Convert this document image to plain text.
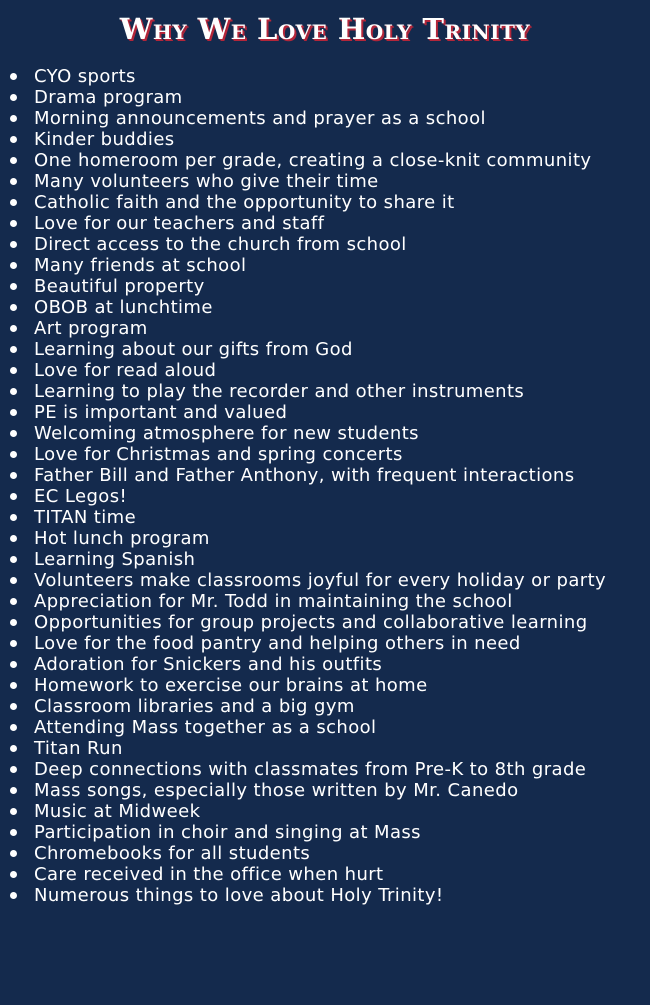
Why We Love Holy Trinity
CYO sports
Drama program
Morning announcements and prayer as a school
Kinder buddies
One homeroom per grade, creating a close-knit community
Many volunteers who give their time
Catholic faith and the opportunity to share it
Love for our teachers and staff
Direct access to the church from school
Many friends at school
Beautiful property
OBOB at lunchtime
Art program
Learning about our gifts from God
Love for read aloud
Learning to play the recorder and other instruments
PE is important and valued
Welcoming atmosphere for new students
Love for Christmas and spring concerts
Father Bill and Father Anthony, with frequent interactions
EC Legos!
TITAN time
Hot lunch program
Learning Spanish
Volunteers make classrooms joyful for every holiday or party
Appreciation for Mr. Todd in maintaining the school
Opportunities for group projects and collaborative learning
Love for the food pantry and helping others in need
Adoration for Snickers and his outfits
Homework to exercise our brains at home
Classroom libraries and a big gym
Attending Mass together as a school
Titan Run
Deep connections with classmates from Pre-K to 8th grade
Mass songs, especially those written by Mr. Canedo
Music at Midweek
Participation in choir and singing at Mass
Chromebooks for all students
Care received in the office when hurt
Numerous things to love about Holy Trinity!
